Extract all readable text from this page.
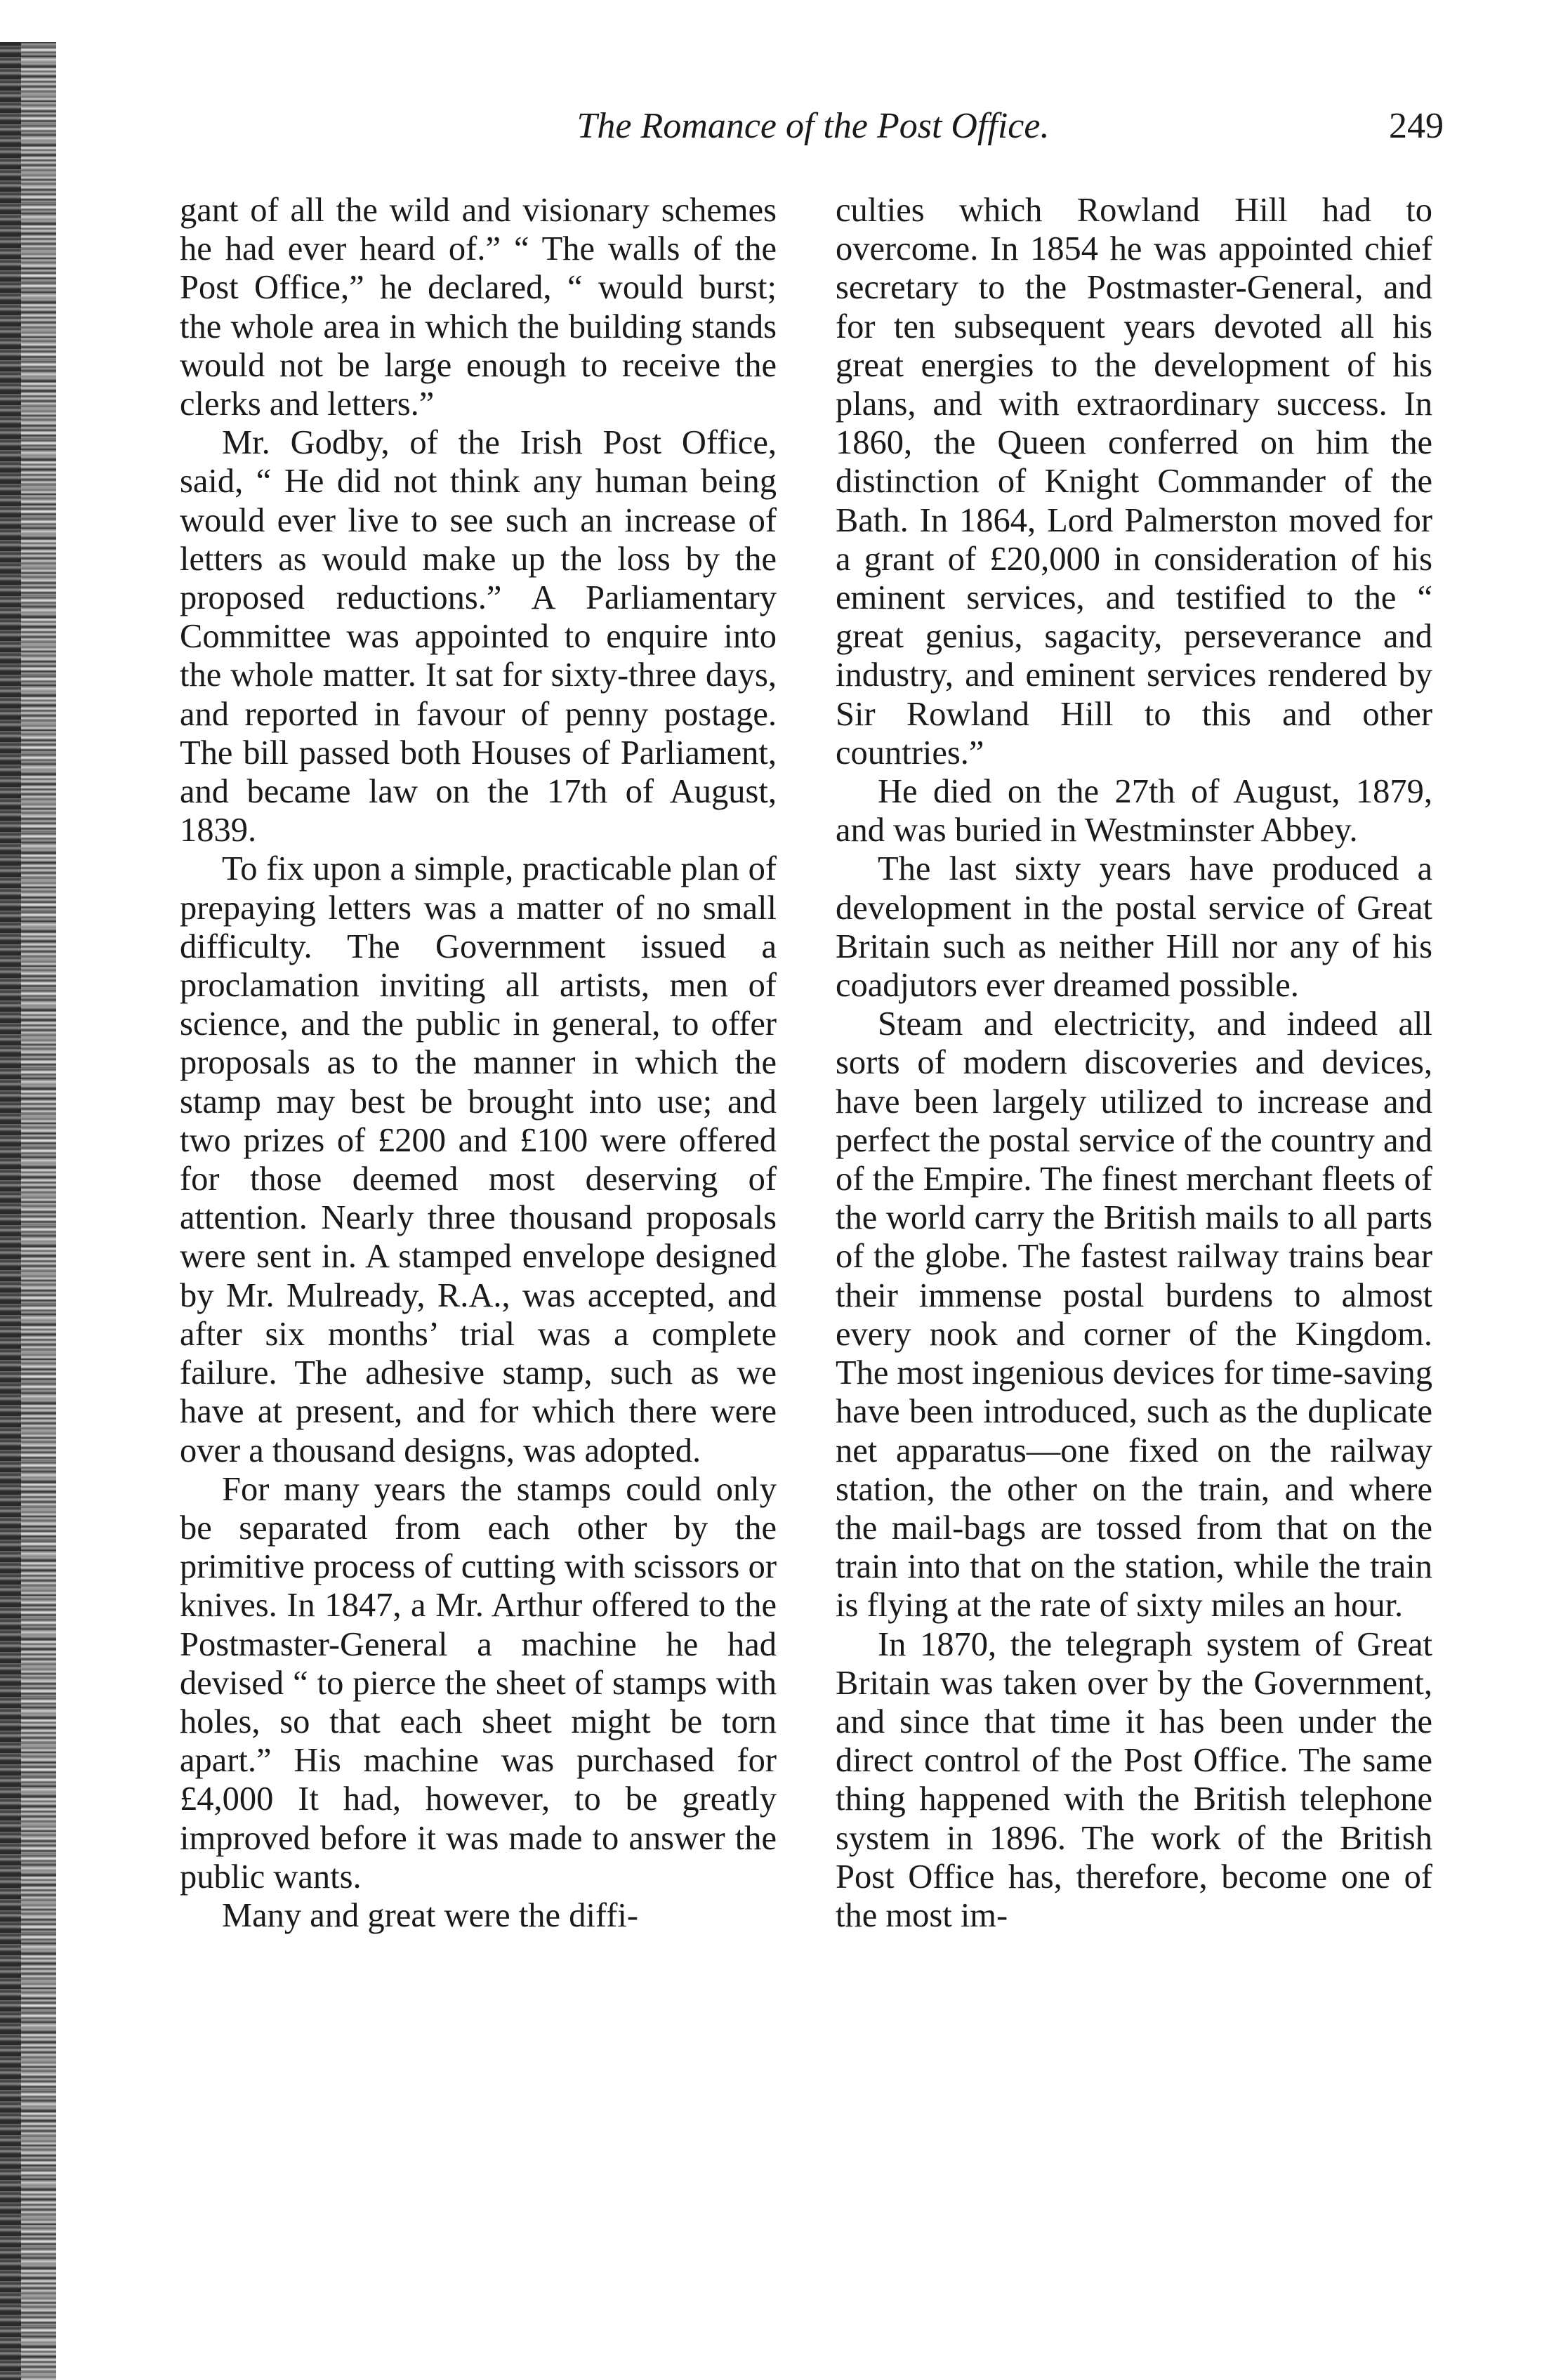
The Romance of the Post Office.	249

gant of all the wild and visionary schemes he had ever heard of.” “ The walls of the Post Office,” he declared, “ would burst; the whole area in which the building stands would not be large enough to receive the clerks and letters.”

Mr. Godby, of the Irish Post Office, said, “ He did not think any human being would ever live to see such an increase of letters as would make up the loss by the proposed reductions.” A Parliamentary Committee was appointed to enquire into the whole matter. It sat for sixty-three days, and reported in favour of penny postage. The bill passed both Houses of Parliament, and became law on the 17th of August, 1839.

To fix upon a simple, practicable plan of prepaying letters was a matter of no small difficulty. The Government issued a proclamation inviting all artists, men of science, and the public in general, to offer proposals as to the manner in which the stamp may best be brought into use; and two prizes of £200 and £100 were offered for those deemed most deserving of attention. Nearly three thousand proposals were sent in. A stamped envelope designed by Mr. Mulready, R.A., was accepted, and after six months’ trial was a complete failure. The adhesive stamp, such as we have at present, and for which there were over a thousand designs, was adopted.

For many years the stamps could only be separated from each other by the primitive process of cutting with scissors or knives. In 1847, a Mr. Arthur offered to the Postmaster-General a machine he had devised “ to pierce the sheet of stamps with holes, so that each sheet might be torn apart.” His machine was purchased for £4,000 It had, however, to be greatly improved before it was made to answer the public wants.

Many and great were the diffi-

culties which Rowland Hill had to overcome. In 1854 he was appointed chief secretary to the Postmaster-General, and for ten subsequent years devoted all his great energies to the development of his plans, and with extraordinary success. In 1860, the Queen conferred on him the distinction of Knight Commander of the Bath. In 1864, Lord Palmerston moved for a grant of £20,000 in consideration of his eminent services, and testified to the “ great genius, sagacity, perseverance and industry, and eminent services rendered by Sir Rowland Hill to this and other countries.”

He died on the 27th of August, 1879, and was buried in Westminster Abbey.

The last sixty years have produced a development in the postal service of Great Britain such as neither Hill nor any of his coadjutors ever dreamed possible.

Steam and electricity, and indeed all sorts of modern discoveries and devices, have been largely utilized to increase and perfect the postal service of the country and of the Empire. The finest merchant fleets of the world carry the British mails to all parts of the globe. The fastest railway trains bear their immense postal burdens to almost every nook and corner of the Kingdom. The most ingenious devices for time-saving have been introduced, such as the duplicate net apparatus—one fixed on the railway station, the other on the train, and where the mail-bags are tossed from that on the train into that on the station, while the train is flying at the rate of sixty miles an hour.

In 1870, the telegraph system of Great Britain was taken over by the Government, and since that time it has been under the direct control of the Post Office. The same thing happened with the British telephone system in 1896. The work of the British Post Office has, therefore, become one of the most im-
